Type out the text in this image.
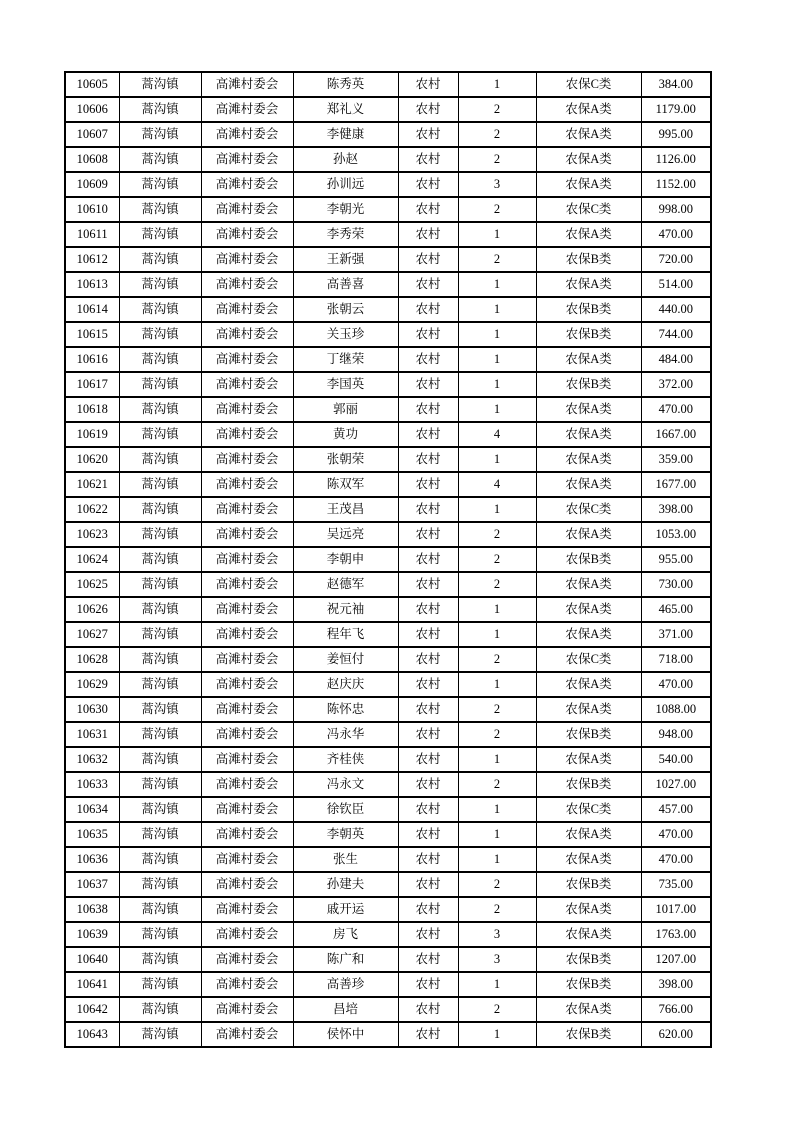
10605	蒿沟镇	高滩村委会	陈秀英	农村	1	农保C类	384.00
10606	蒿沟镇	高滩村委会	郑礼义	农村	2	农保A类	1179.00
10607	蒿沟镇	高滩村委会	李健康	农村	2	农保A类	995.00
10608	蒿沟镇	高滩村委会	孙赵	农村	2	农保A类	1126.00
10609	蒿沟镇	高滩村委会	孙训远	农村	3	农保A类	1152.00
10610	蒿沟镇	高滩村委会	李朝光	农村	2	农保C类	998.00
10611	蒿沟镇	高滩村委会	李秀荣	农村	1	农保A类	470.00
10612	蒿沟镇	高滩村委会	王新强	农村	2	农保B类	720.00
10613	蒿沟镇	高滩村委会	高善喜	农村	1	农保A类	514.00
10614	蒿沟镇	高滩村委会	张朝云	农村	1	农保B类	440.00
10615	蒿沟镇	高滩村委会	关玉珍	农村	1	农保B类	744.00
10616	蒿沟镇	高滩村委会	丁继荣	农村	1	农保A类	484.00
10617	蒿沟镇	高滩村委会	李国英	农村	1	农保B类	372.00
10618	蒿沟镇	高滩村委会	郭丽	农村	1	农保A类	470.00
10619	蒿沟镇	高滩村委会	黄功	农村	4	农保A类	1667.00
10620	蒿沟镇	高滩村委会	张朝荣	农村	1	农保A类	359.00
10621	蒿沟镇	高滩村委会	陈双军	农村	4	农保A类	1677.00
10622	蒿沟镇	高滩村委会	王茂昌	农村	1	农保C类	398.00
10623	蒿沟镇	高滩村委会	吴远亮	农村	2	农保A类	1053.00
10624	蒿沟镇	高滩村委会	李朝申	农村	2	农保B类	955.00
10625	蒿沟镇	高滩村委会	赵德军	农村	2	农保A类	730.00
10626	蒿沟镇	高滩村委会	祝元袖	农村	1	农保A类	465.00
10627	蒿沟镇	高滩村委会	程年飞	农村	1	农保A类	371.00
10628	蒿沟镇	高滩村委会	姜恒付	农村	2	农保C类	718.00
10629	蒿沟镇	高滩村委会	赵庆庆	农村	1	农保A类	470.00
10630	蒿沟镇	高滩村委会	陈怀忠	农村	2	农保A类	1088.00
10631	蒿沟镇	高滩村委会	冯永华	农村	2	农保B类	948.00
10632	蒿沟镇	高滩村委会	齐桂侠	农村	1	农保A类	540.00
10633	蒿沟镇	高滩村委会	冯永文	农村	2	农保B类	1027.00
10634	蒿沟镇	高滩村委会	徐钦臣	农村	1	农保C类	457.00
10635	蒿沟镇	高滩村委会	李朝英	农村	1	农保A类	470.00
10636	蒿沟镇	高滩村委会	张生	农村	1	农保A类	470.00
10637	蒿沟镇	高滩村委会	孙建夫	农村	2	农保B类	735.00
10638	蒿沟镇	高滩村委会	戚开运	农村	2	农保A类	1017.00
10639	蒿沟镇	高滩村委会	房飞	农村	3	农保A类	1763.00
10640	蒿沟镇	高滩村委会	陈广和	农村	3	农保B类	1207.00
10641	蒿沟镇	高滩村委会	高善珍	农村	1	农保B类	398.00
10642	蒿沟镇	高滩村委会	昌培	农村	2	农保A类	766.00
10643	蒿沟镇	高滩村委会	侯怀中	农村	1	农保B类	620.00
